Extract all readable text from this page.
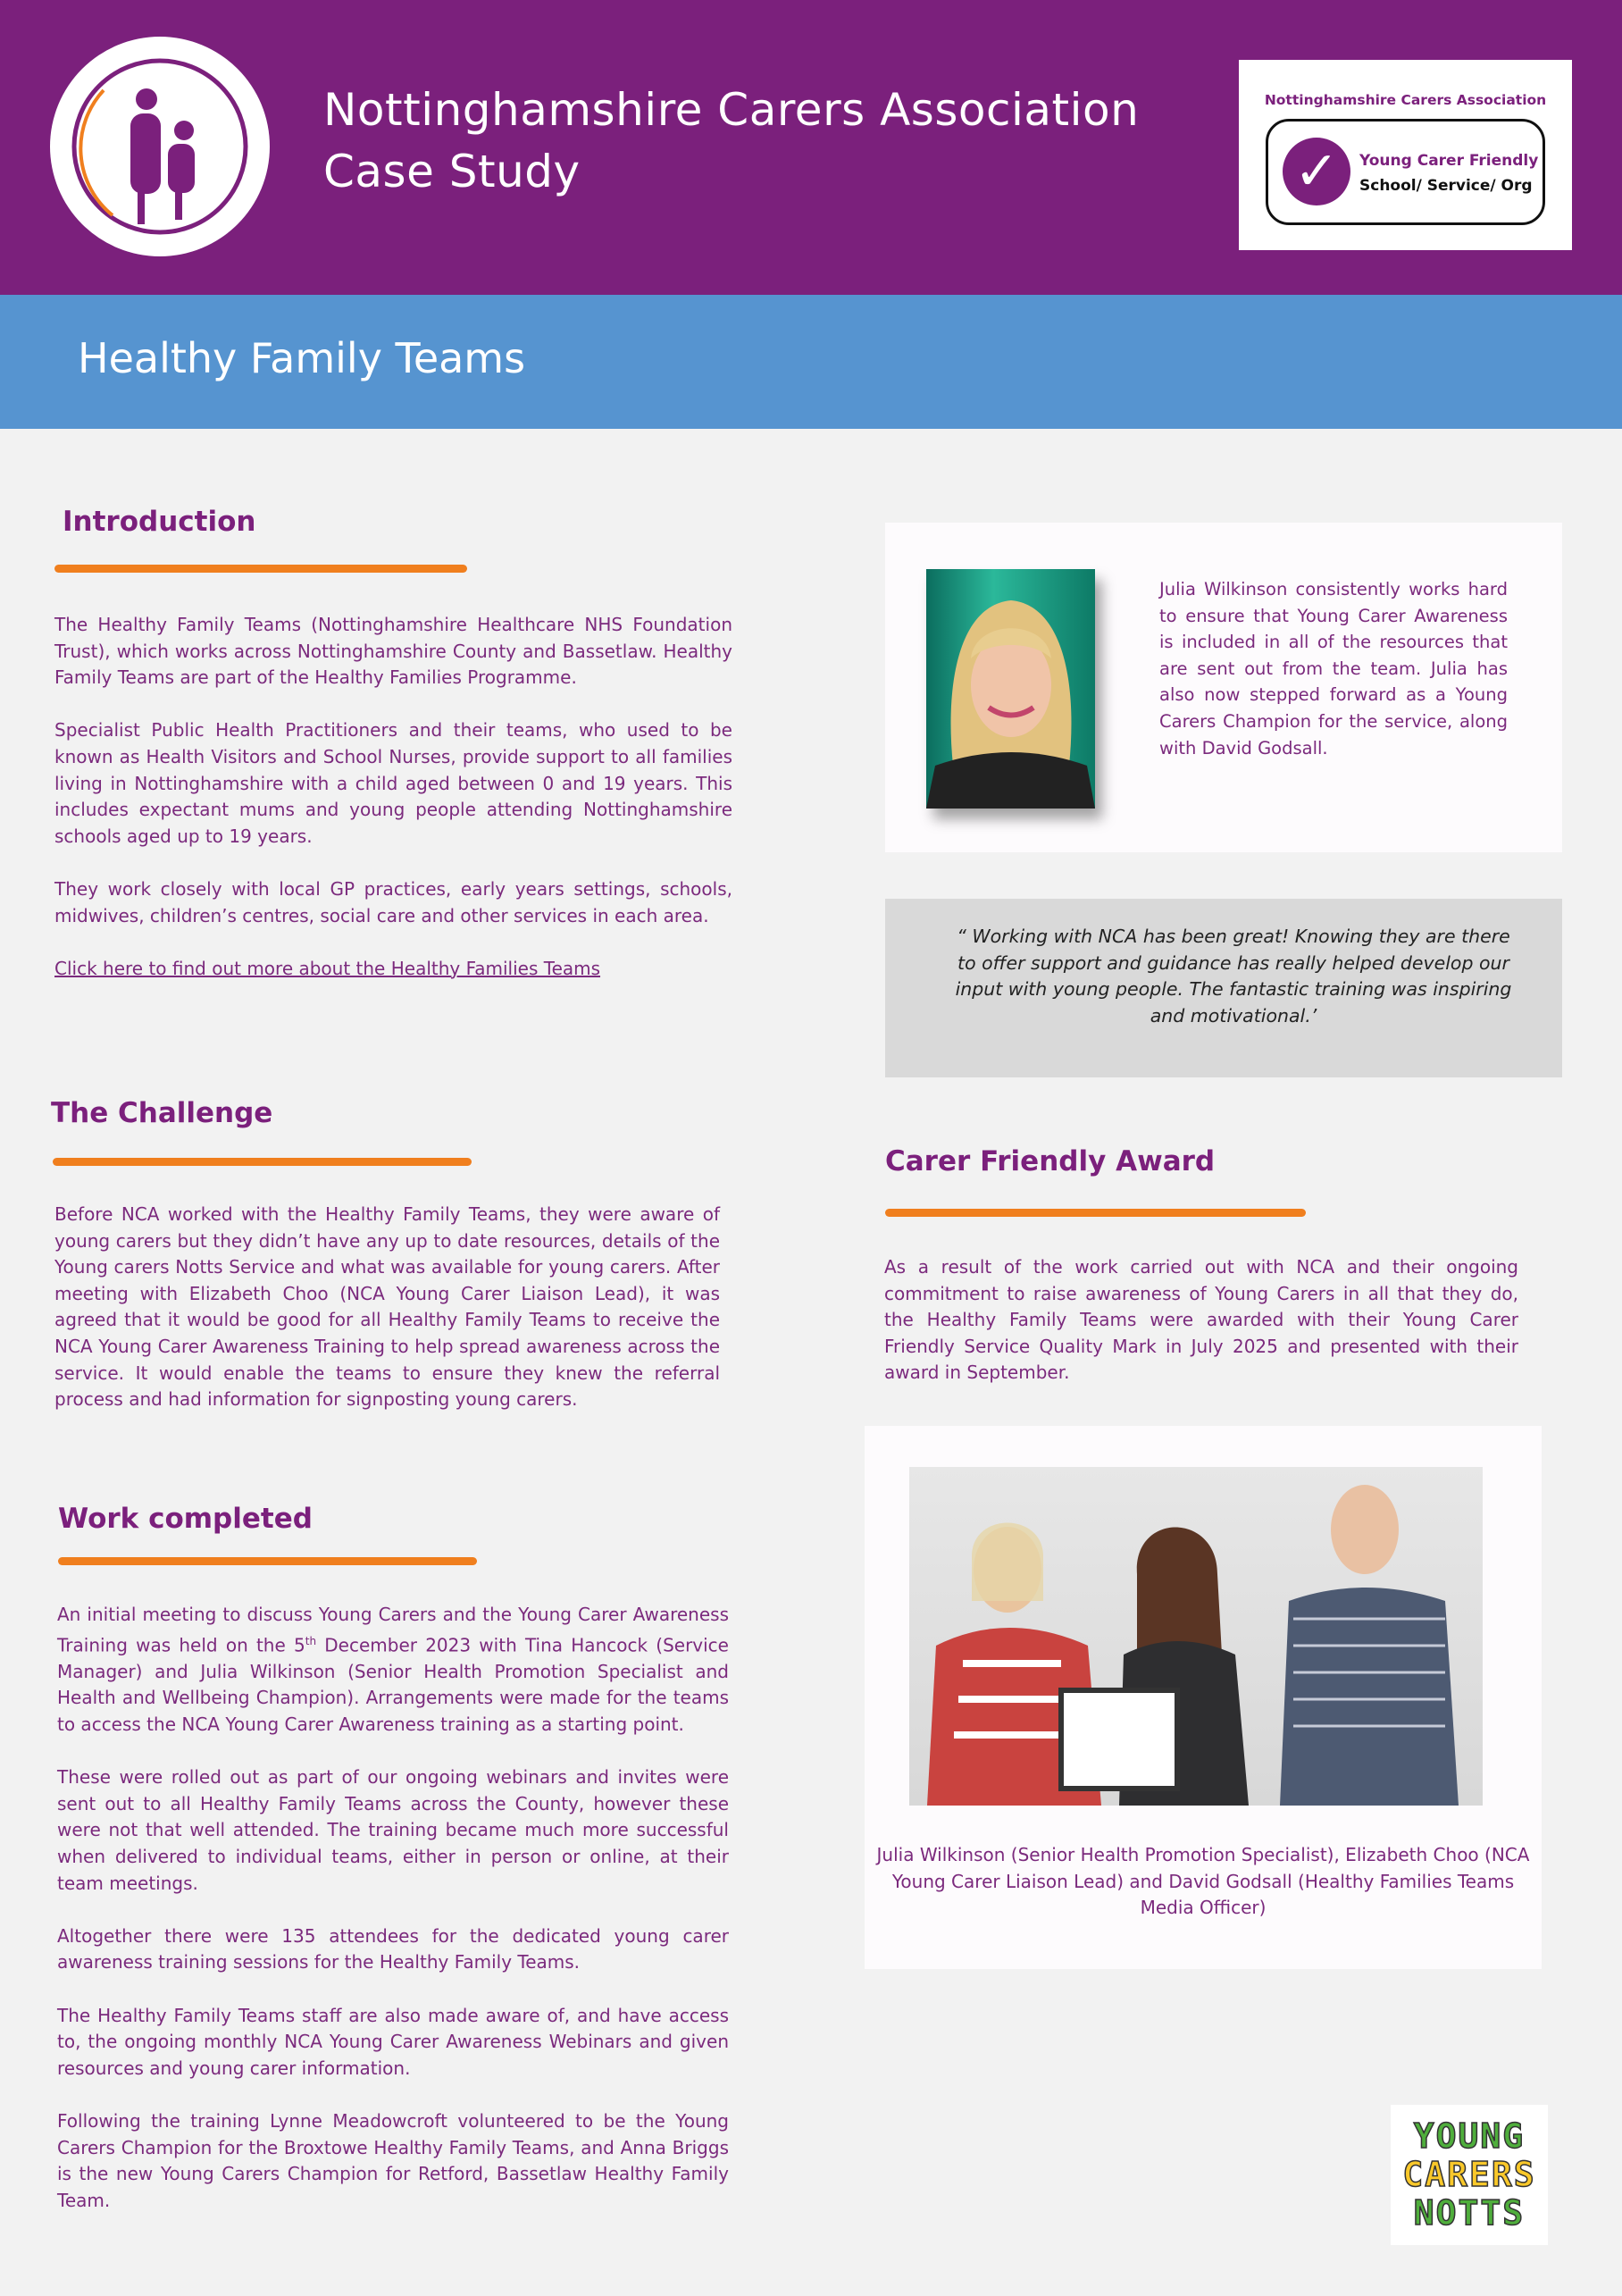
Nottinghamshire Carers Association
Case Study
Nottinghamshire Carers Association
✓	Young Carer Friendly
School/ Service/ Org
Healthy Family Teams
Introduction

The Healthy Family Teams (Nottinghamshire Healthcare NHS Foundation Trust), which works across Nottinghamshire County and Bassetlaw. Healthy Family Teams are part of the Healthy Families Programme.

Specialist Public Health Practitioners and their teams, who used to be known as Health Visitors and School Nurses, provide support to all families living in Nottinghamshire with a child aged between 0 and 19 years. This includes expectant mums and young people attending Nottinghamshire schools aged up to 19 years.

They work closely with local GP practices, early years settings, schools, midwives, children’s centres, social care and other services in each area.

Click here to find out more about the Healthy Families Teams

The Challenge

Before NCA worked with the Healthy Family Teams, they were aware of young carers but they didn’t have any up to date resources, details of the Young carers Notts Service and what was available for young carers. After meeting with Elizabeth Choo (NCA Young Carer Liaison Lead), it was agreed that it would be good for all Healthy Family Teams to receive the NCA Young Carer Awareness Training to help spread awareness across the service. It would enable the teams to ensure they knew the referral process and had information for signposting young carers.

Work completed

An initial meeting to discuss Young Carers and the Young Carer Awareness Training was held on the 5th December 2023 with Tina Hancock (Service Manager) and Julia Wilkinson (Senior Health Promotion Specialist and Health and Wellbeing Champion). Arrangements were made for the teams to access the NCA Young Carer Awareness training as a starting point.

These were rolled out as part of our ongoing webinars and invites were sent out to all Healthy Family Teams across the County, however these were not that well attended. The training became much more successful when delivered to individual teams, either in person or online, at their team meetings.

Altogether there were 135 attendees for the dedicated young carer awareness training sessions for the Healthy Family Teams.

The Healthy Family Teams staff are also made aware of, and have access to, the ongoing monthly NCA Young Carer Awareness Webinars and given resources and young carer information.

Following the training Lynne Meadowcroft volunteered to be the Young Carers Champion for the Broxtowe Healthy Family Teams, and Anna Briggs is the new Young Carers Champion for Retford, Bassetlaw Healthy Family Team.

Julia Wilkinson consistently works hard to ensure that Young Carer Awareness is included in all of the resources that are sent out from the team. Julia has also now stepped forward as a Young Carers Champion for the service, along with David Godsall.
“ Working with NCA has been great! Knowing they are there to offer support and guidance has really helped develop our input with young people. The fantastic training was inspiring and motivational.’
Carer Friendly Award

As a result of the work carried out with NCA and their ongoing commitment to raise awareness of Young Carers in all that they do, the Healthy Family Teams were awarded with their Young Carer Friendly Service Quality Mark in July 2025 and presented with their award in September.

Julia Wilkinson (Senior Health Promotion Specialist), Elizabeth Choo (NCA Young Carer Liaison Lead) and David Godsall (Healthy Families Teams Media Officer)
YOUNG
CARERS
NOTTS
